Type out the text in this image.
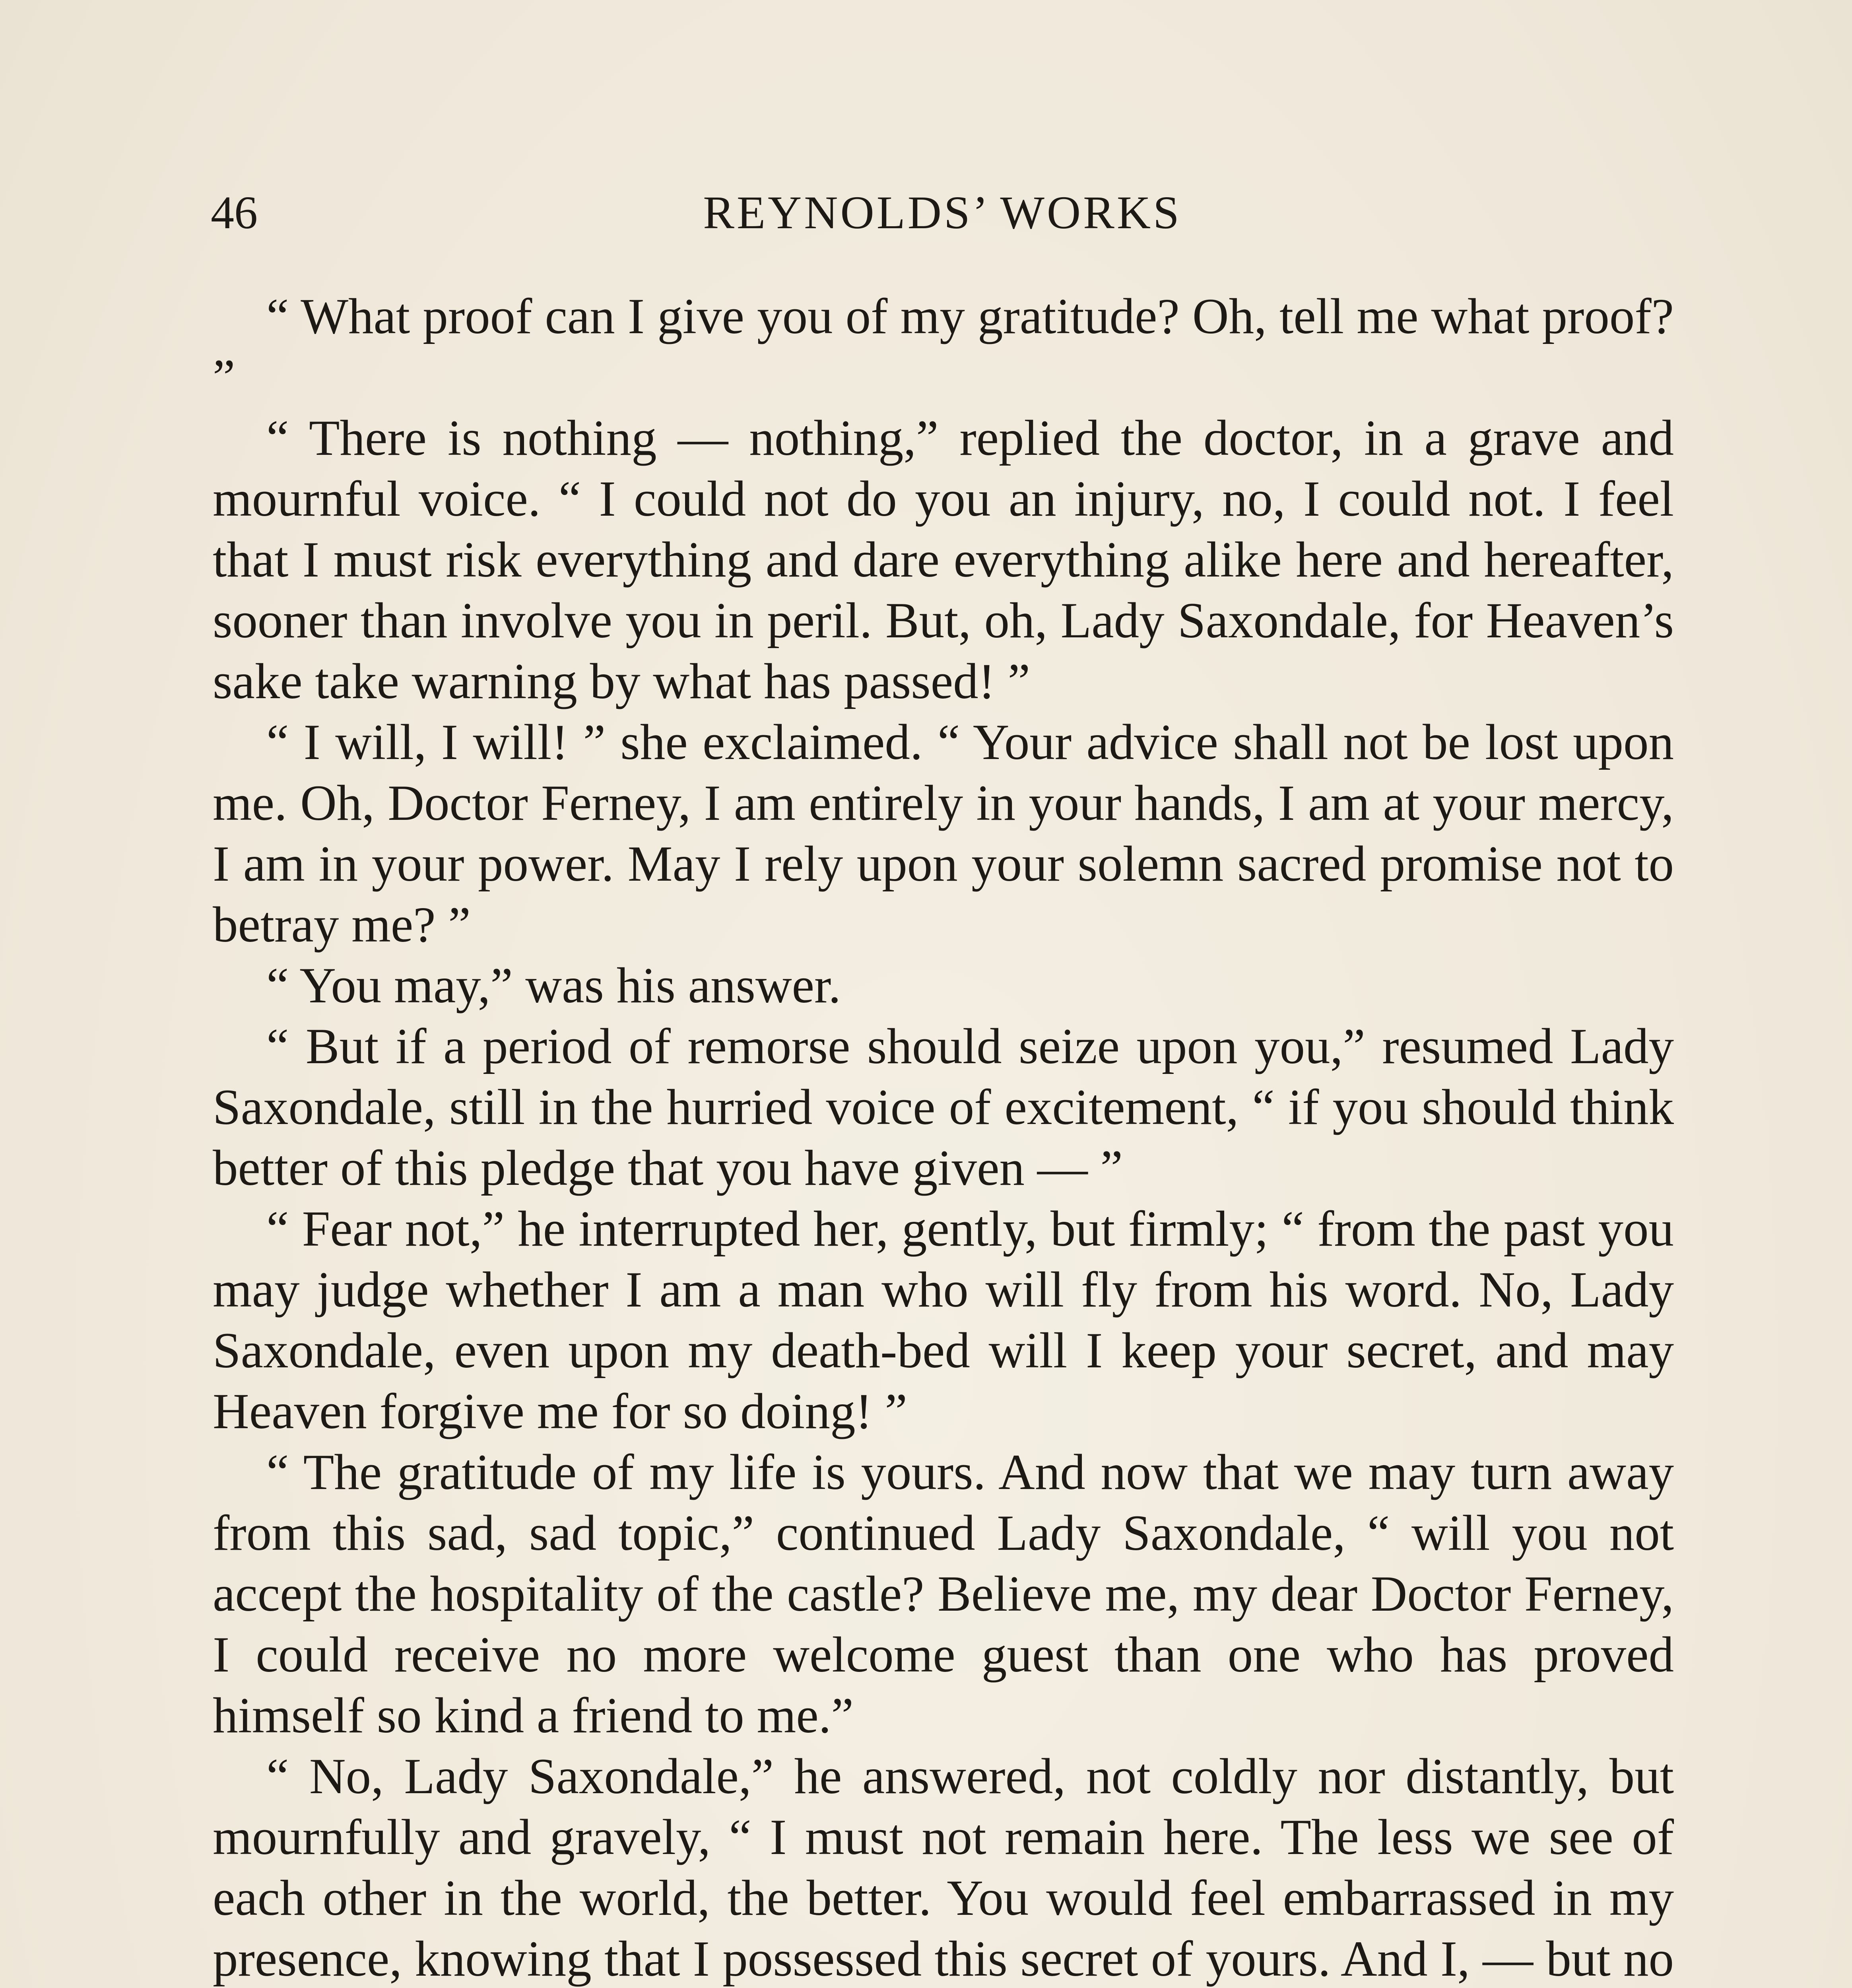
46	REYNOLDS’ WORKS

“ What proof can I give you of my gratitude? Oh, tell me what proof? ”

“ There is nothing — nothing,” replied the doctor, in a grave and mournful voice. “ I could not do you an injury, no, I could not. I feel that I must risk everything and dare everything alike here and hereafter, sooner than involve you in peril. But, oh, Lady Saxondale, for Heaven’s sake take warning by what has passed! ”

“ I will, I will! ” she exclaimed. “ Your advice shall not be lost upon me. Oh, Doctor Ferney, I am entirely in your hands, I am at your mercy, I am in your power. May I rely upon your solemn sacred promise not to betray me? ”

“ You may,” was his answer.

“ But if a period of remorse should seize upon you,” resumed Lady Saxondale, still in the hurried voice of excitement, “ if you should think better of this pledge that you have given — ”

“ Fear not,” he interrupted her, gently, but firmly; “ from the past you may judge whether I am a man who will fly from his word. No, Lady Saxondale, even upon my death-bed will I keep your secret, and may Heaven forgive me for so doing! ”

“ The gratitude of my life is yours. And now that we may turn away from this sad, sad topic,” continued Lady Saxondale, “ will you not accept the hospitality of the castle? Believe me, my dear Doctor Ferney, I could receive no more welcome guest than one who has proved himself so kind a friend to me.”

“ No, Lady Saxondale,” he answered, not coldly nor distantly, but mournfully and gravely, “ I must not remain here. The less we see of each other in the world, the better. You would feel embarrassed in my presence, knowing that I possessed this secret of yours. And I, — but no
